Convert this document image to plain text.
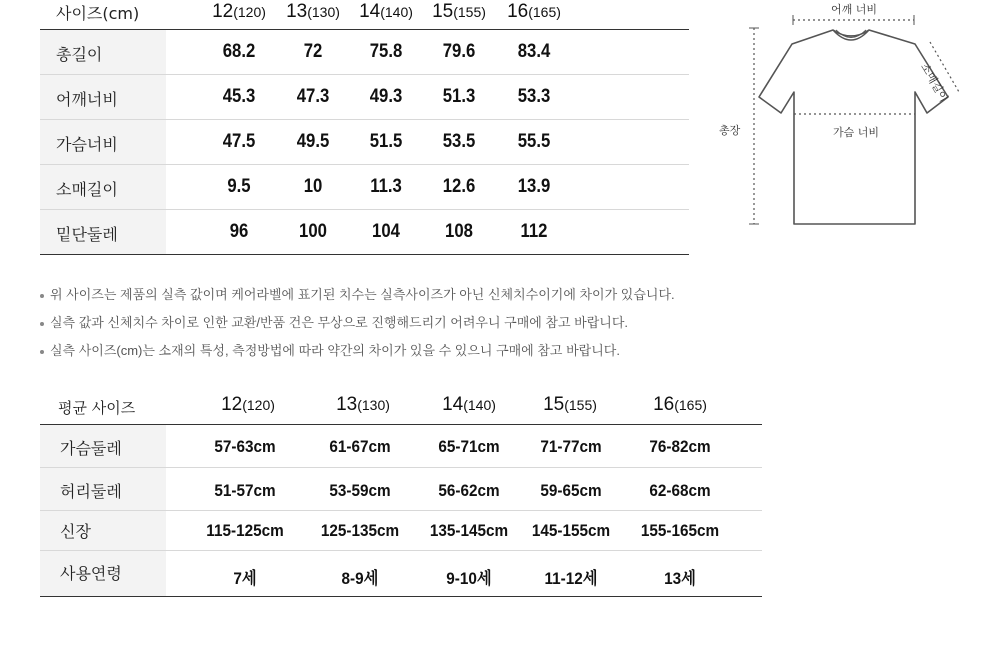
사이즈(cm)	12(120)	13(130)	14(140)	15(155)	16(165)
총길이	68.2	72	75.8	79.6	83.4
어깨너비	45.3	47.3	49.3	51.3	53.3
가슴너비	47.5	49.5	51.5	53.5	55.5
소매길이	9.5	10	11.3	12.6	13.9
밑단둘레	96	100	104	108	112
어깨 너비
소매길이
총장	가슴 너비
위 사이즈는 제품의 실측 값이며 케어라벨에 표기된 치수는 실측사이즈가 아닌 신체치수이기에 차이가 있습니다.
실측 값과 신체치수 차이로 인한 교환/반품 건은 무상으로 진행해드리기 어려우니 구매에 참고 바랍니다.
실측 사이즈(cm)는 소재의 특성, 측정방법에 따라 약간의 차이가 있을 수 있으니 구매에 참고 바랍니다.
평균 사이즈	12(120)	13(130)	14(140)	15(155)	16(165)
가슴둘레	57-63cm	61-67cm	65-71cm	71-77cm	76-82cm
허리둘레	51-57cm	53-59cm	56-62cm	59-65cm	62-68cm
신장	115-125cm	125-135cm	135-145cm	145-155cm	155-165cm
사용연령	7세	8-9세	9-10세	11-12세	13세
